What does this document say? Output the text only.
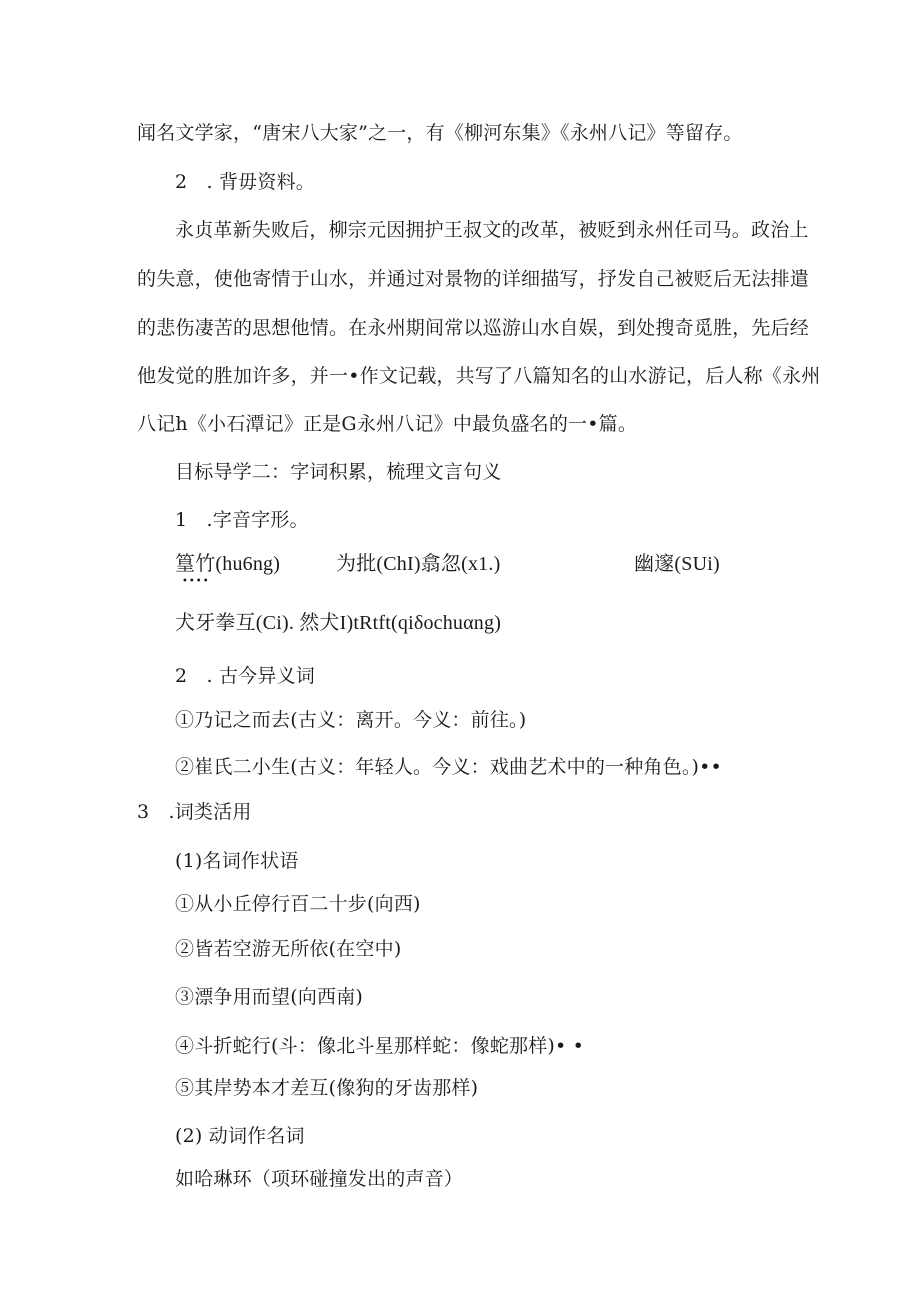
闻名文学家，“唐宋八大家”之一，有《柳河东集》《永州八记》等留存。
2　. 背毋资料。
永贞革新失败后，柳宗元因拥护王叔文的改革，被贬到永州任司马。政治上
的失意，使他寄情于山水，并通过对景物的详细描写，抒发自己被贬后无法排遣
的悲伤凄苦的思想他情。在永州期间常以巡游山水自娱，到处搜奇觅胜，先后经
他发觉的胜加许多，并一•作文记载，共写了八篇知名的山水游记，后人称《永州
八记h《小石潭记》正是G永州八记》中最负盛名的一•篇。
目标导学二：字词积累，梳理文言句义
1　.字音字形。
篁竹(hu6ng)	为批(ChI)翕忽(x1.)	幽邃(SUi)
••••
犬牙拳互(Ci). 然犬I)tRtft(qiδochuαng)
2　. 古今异义词
①乃记之而去(古义：离开。今义：前往。)
②崔氏二小生(古义：年轻人。今义：戏曲艺术中的一种角色。)••
3　.词类活用
(1)名词作状语
①从小丘停行百二十步(向西)
②皆若空游无所依(在空中)
③漂争用而望(向西南)
④斗折蛇行(斗：像北斗星那样蛇：像蛇那样)• •
⑤其岸势本才差互(像狗的牙齿那样)
(2) 动词作名词
如哈琳环（项环碰撞发出的声音）
